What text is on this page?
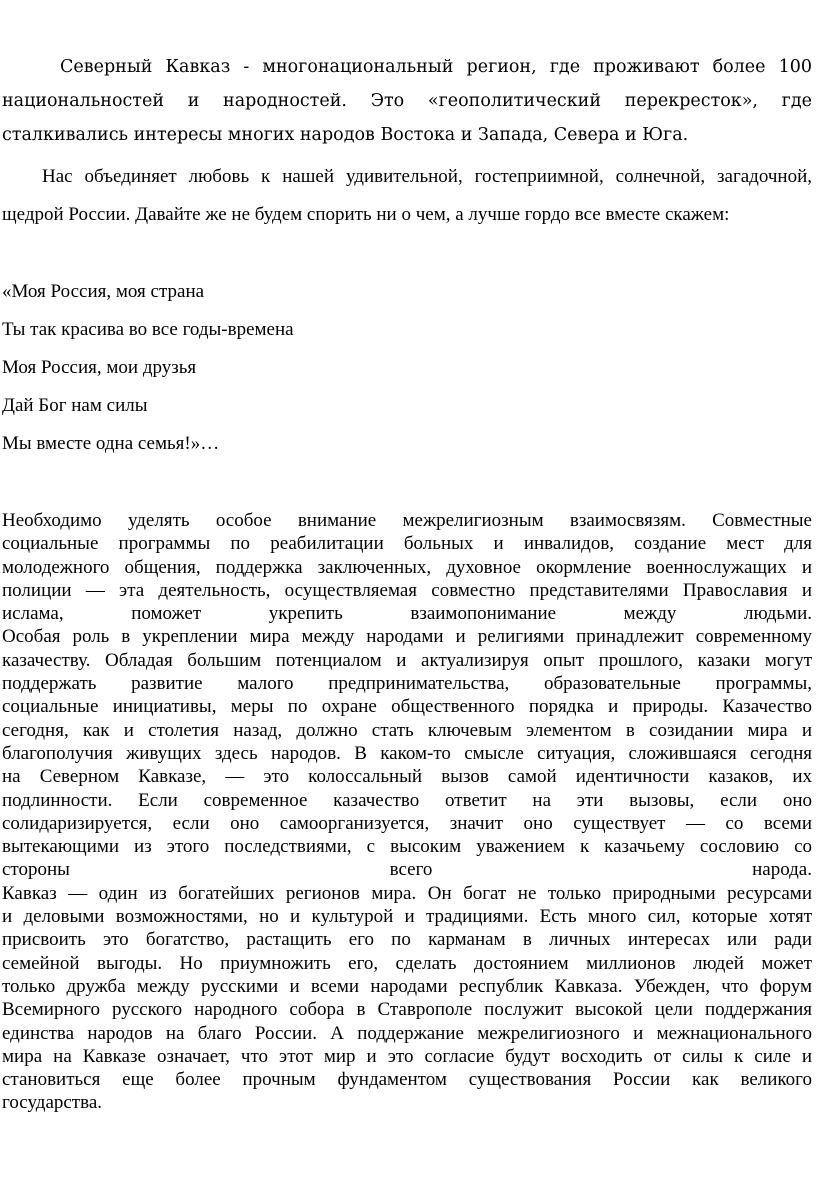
Северный Кавказ - многонациональный регион, где проживают более 100 национальностей и народностей. Это «геополитический перекресток», где сталкивались интересы многих народов Востока и Запада, Севера и Юга.

Нас объединяет любовь к нашей удивительной, гостеприимной, солнечной, загадочной, щедрой России. Давайте же не будем спорить ни о чем, а лучше гордо все вместе скажем:

«Моя Россия, моя страна

Ты так красива во все годы-времена

Моя Россия, мои друзья

Дай Бог нам силы

Мы вместе одна семья!»…

Необходимо уделять особое внимание межрелигиозным взаимосвязям. Совместные

социальные программы по реабилитации больных и инвалидов, создание мест для

молодежного общения, поддержка заключенных, духовное окормление военнослужащих и

полиции — эта деятельность, осуществляемая совместно представителями Православия и

ислама, поможет укрепить взаимопонимание между людьми.

Особая роль в укреплении мира между народами и религиями принадлежит современному

казачеству. Обладая большим потенциалом и актуализируя опыт прошлого, казаки могут

поддержать развитие малого предпринимательства, образовательные программы,

социальные инициативы, меры по охране общественного порядка и природы. Казачество

сегодня, как и столетия назад, должно стать ключевым элементом в созидании мира и

благополучия живущих здесь народов. В каком-то смысле ситуация, сложившаяся сегодня

на Северном Кавказе, — это колоссальный вызов самой идентичности казаков, их

подлинности. Если современное казачество ответит на эти вызовы, если оно

солидаризируется, если оно самоорганизуется, значит оно существует — со всеми

вытекающими из этого последствиями, с высоким уважением к казачьему сословию со

стороны всего народа.

Кавказ — один из богатейших регионов мира. Он богат не только природными ресурсами

и деловыми возможностями, но и культурой и традициями. Есть много сил, которые хотят

присвоить это богатство, растащить его по карманам в личных интересах или ради

семейной выгоды. Но приумножить его, сделать достоянием миллионов людей может

только дружба между русскими и всеми народами республик Кавказа. Убежден, что форум

Всемирного русского народного собора в Ставрополе послужит высокой цели поддержания

единства народов на благо России. А поддержание межрелигиозного и межнационального

мира на Кавказе означает, что этот мир и это согласие будут восходить от силы к силе и

становиться еще более прочным фундаментом существования России как великого

государства.
